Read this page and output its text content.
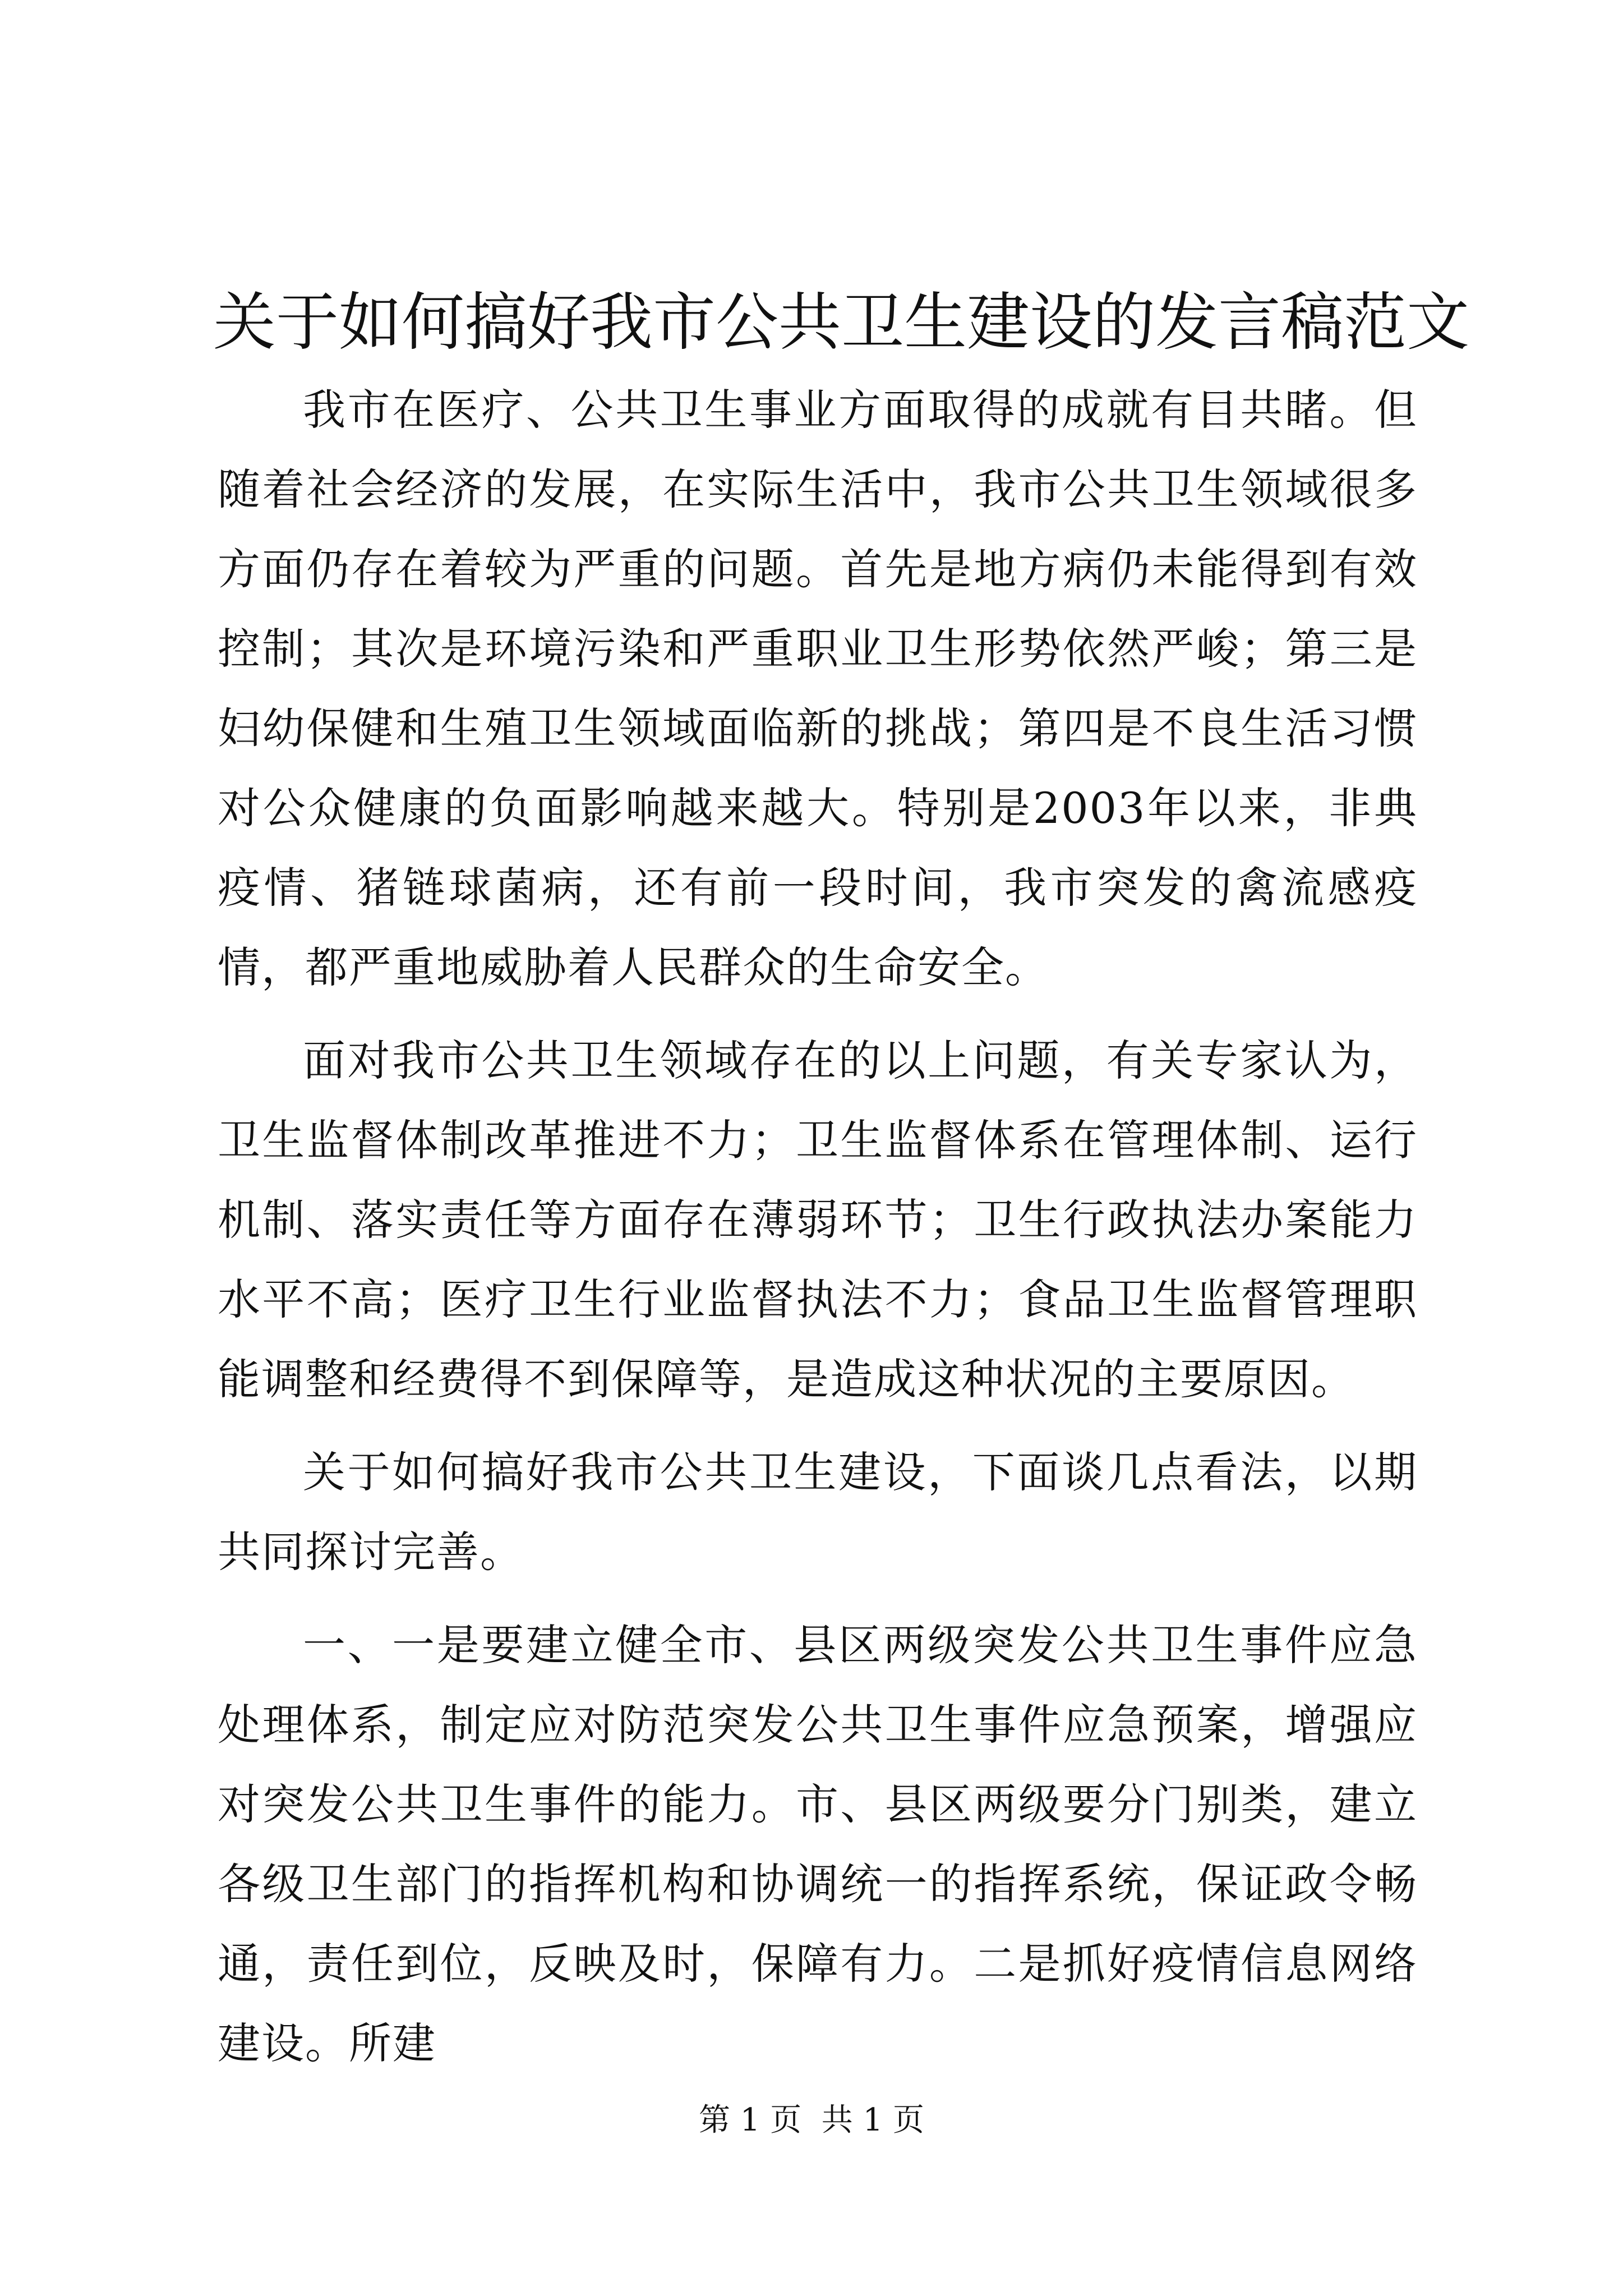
关于如何搞好我市公共卫生建设的发言稿范文

我市在医疗、公共卫生事业方面取得的成就有目共睹。但随着社会经济的发展，在实际生活中，我市公共卫生领域很多方面仍存在着较为严重的问题。首先是地方病仍未能得到有效控制；其次是环境污染和严重职业卫生形势依然严峻；第三是妇幼保健和生殖卫生领域面临新的挑战；第四是不良生活习惯对公众健康的负面影响越来越大。特别是2003年以来，非典疫情、猪链球菌病，还有前一段时间，我市突发的禽流感疫情，都严重地威胁着人民群众的生命安全。

面对我市公共卫生领域存在的以上问题，有关专家认为，卫生监督体制改革推进不力；卫生监督体系在管理体制、运行机制、落实责任等方面存在薄弱环节；卫生行政执法办案能力水平不高；医疗卫生行业监督执法不力；食品卫生监督管理职能调整和经费得不到保障等，是造成这种状况的主要原因。

关于如何搞好我市公共卫生建设，下面谈几点看法，以期共同探讨完善。

一、一是要建立健全市、县区两级突发公共卫生事件应急处理体系，制定应对防范突发公共卫生事件应急预案，增强应对突发公共卫生事件的能力。市、县区两级要分门别类，建立各级卫生部门的指挥机构和协调统一的指挥系统，保证政令畅通，责任到位，反映及时，保障有力。二是抓好疫情信息网络建设。所建

第 1 页  共 1 页
